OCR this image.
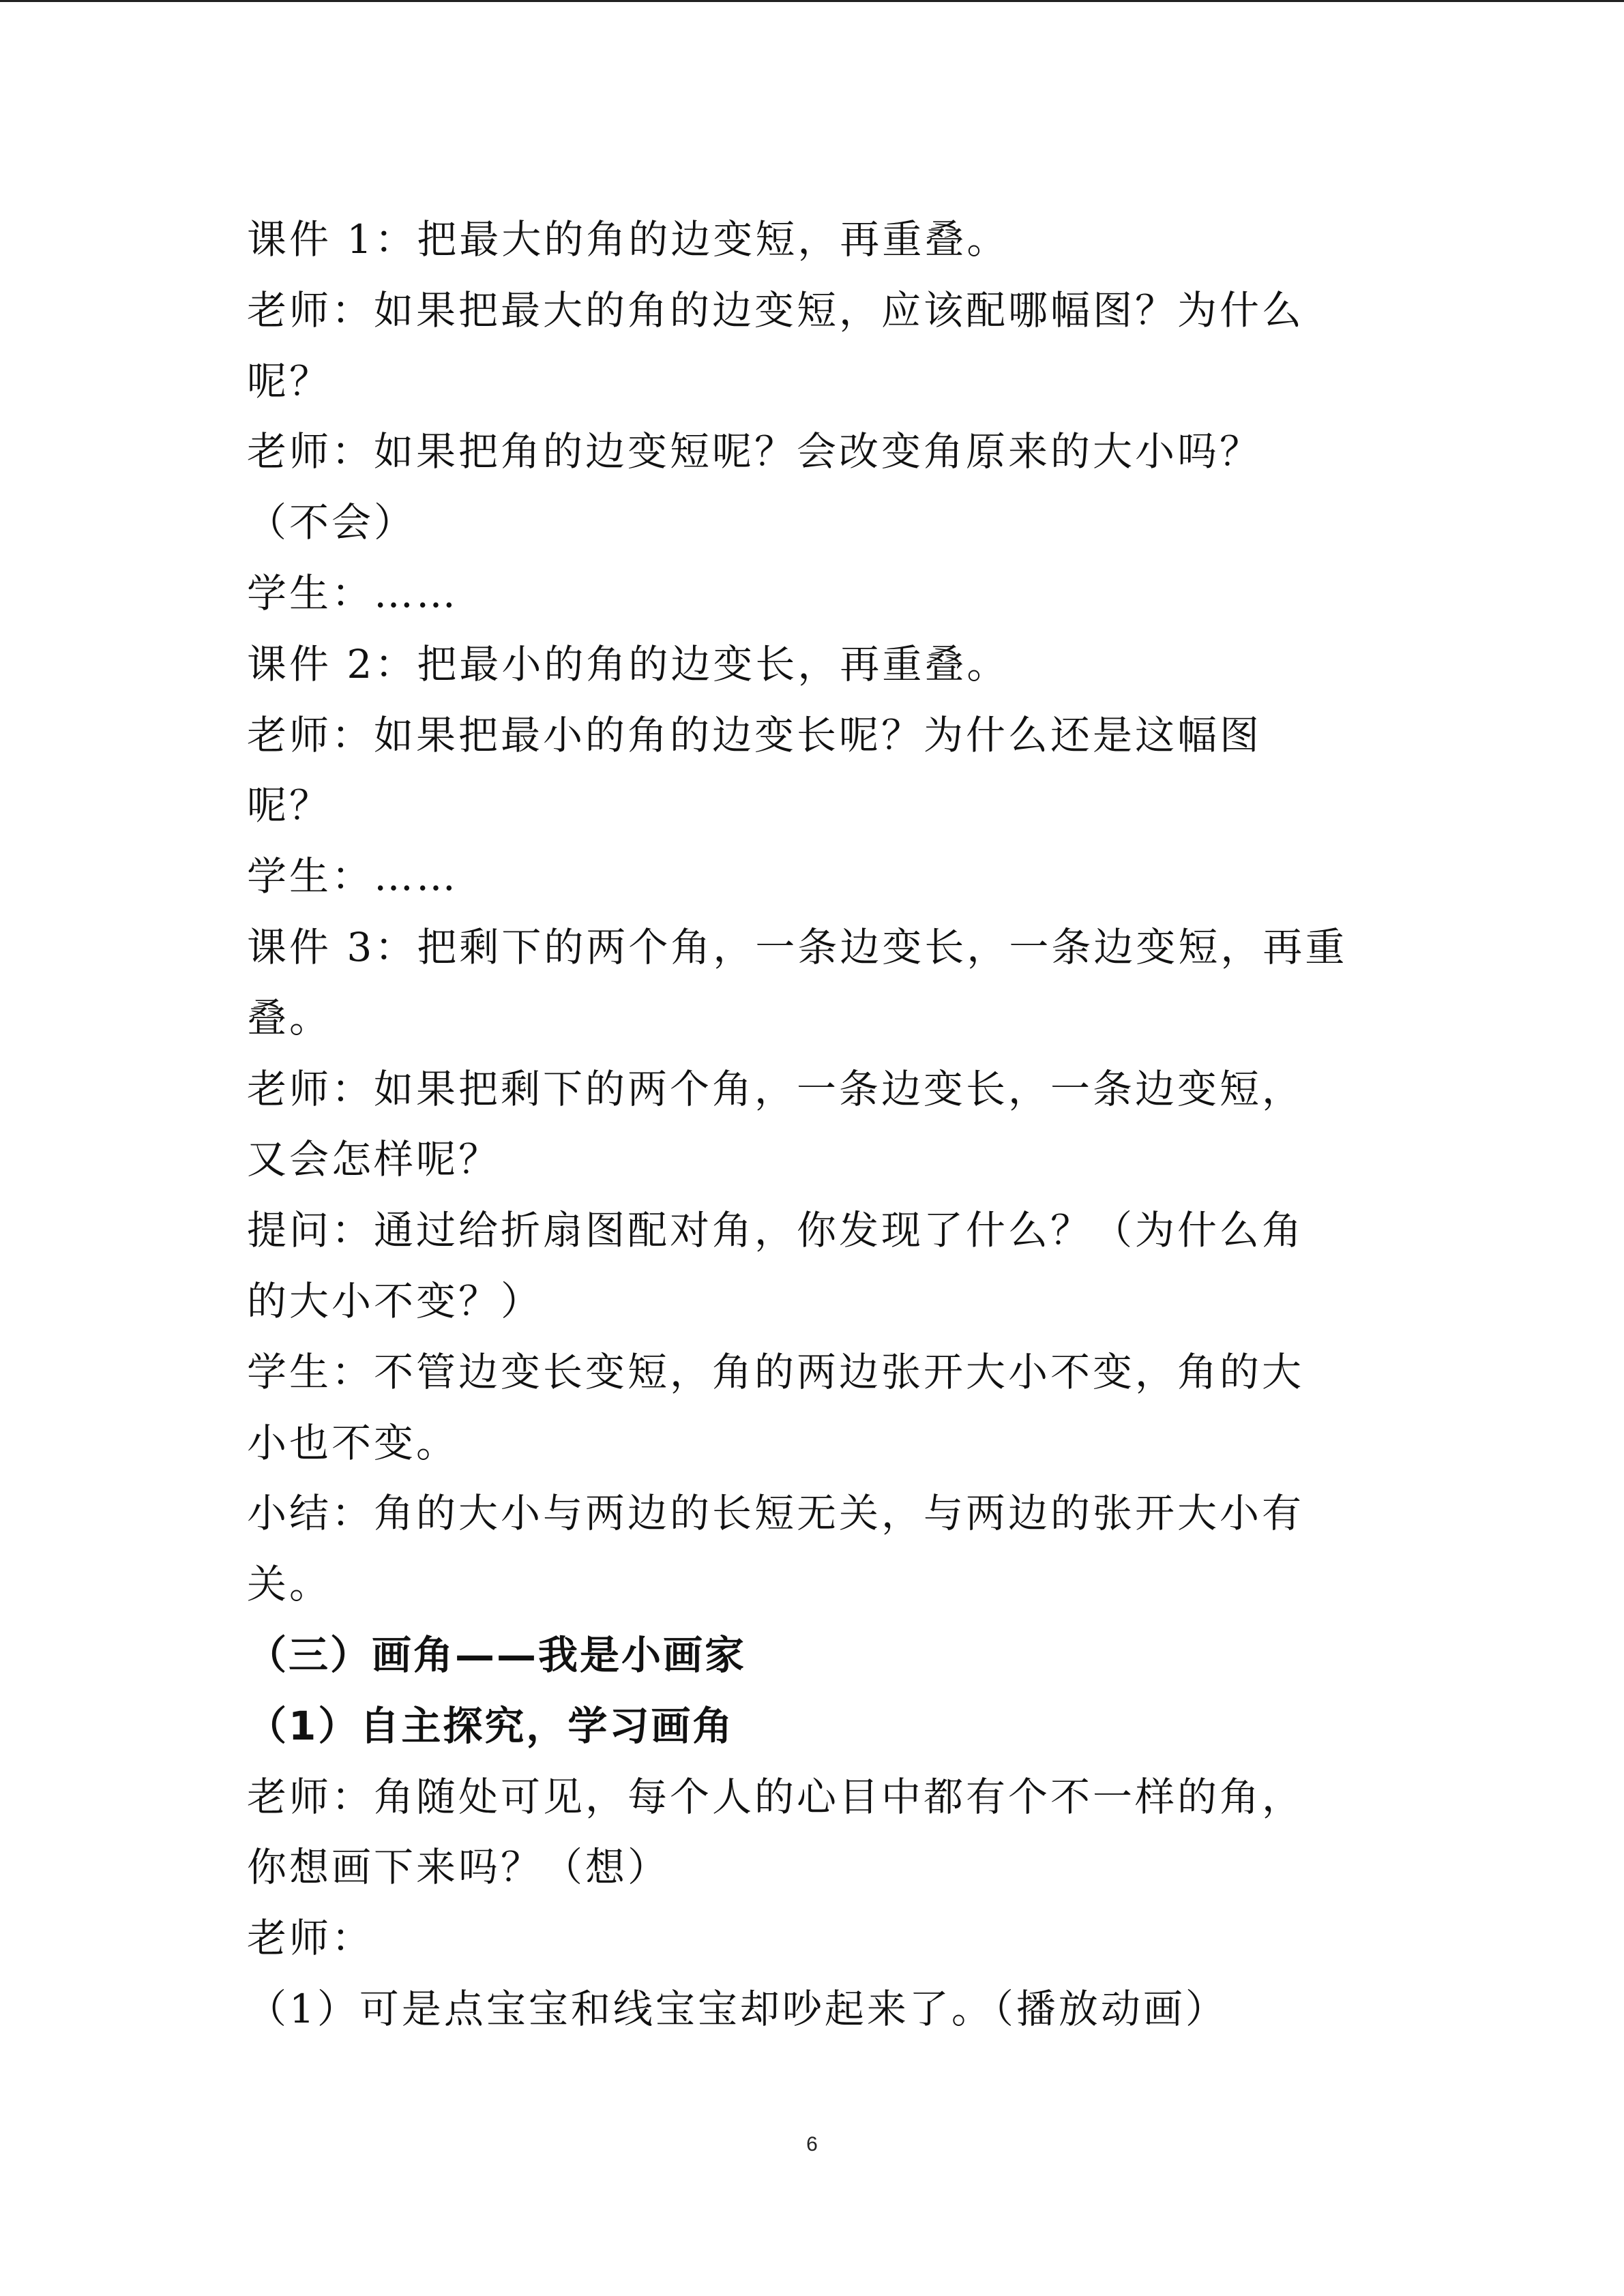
课件 1：把最大的角的边变短，再重叠。
老师：如果把最大的角的边变短，应该配哪幅图？为什么
呢？
老师：如果把角的边变短呢？会改变角原来的大小吗？
（不会）
学生：……
课件 2：把最小的角的边变长，再重叠。
老师：如果把最小的角的边变长呢？为什么还是这幅图
呢？
学生：……
课件 3：把剩下的两个角，一条边变长，一条边变短，再重
叠。
老师：如果把剩下的两个角，一条边变长，一条边变短，
又会怎样呢？
提问：通过给折扇图配对角，你发现了什么？（为什么角
的大小不变？）
学生：不管边变长变短，角的两边张开大小不变，角的大
小也不变。
小结：角的大小与两边的长短无关，与两边的张开大小有
关。
（三）画角——我是小画家
（1）自主探究，学习画角
老师：角随处可见，每个人的心目中都有个不一样的角，
你想画下来吗？（想）
老师：
（1）可是点宝宝和线宝宝却吵起来了。（播放动画）
6
